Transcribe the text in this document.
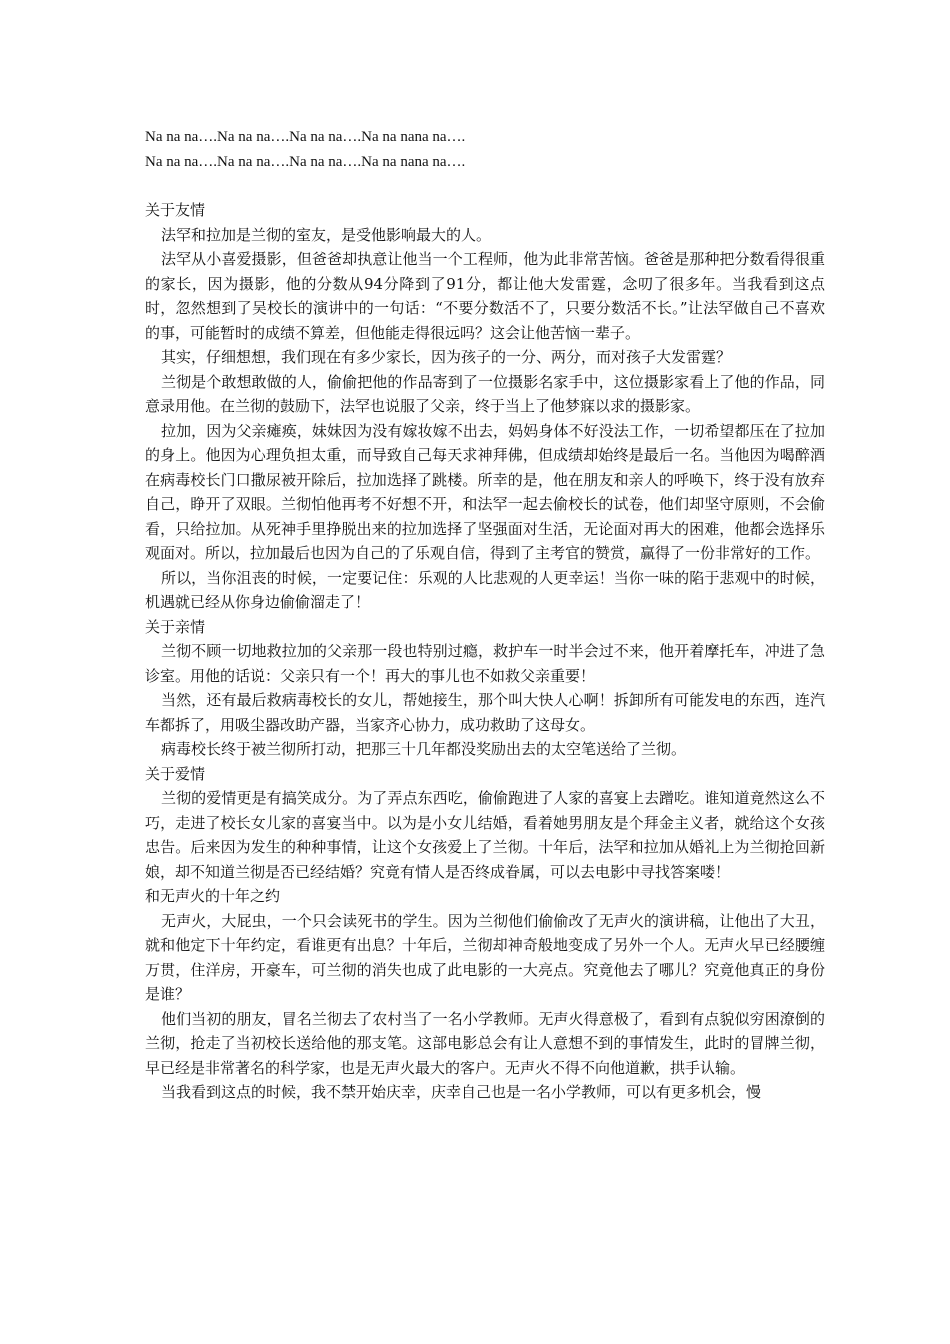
Na na na….Na na na….Na na na….Na na nana na….

Na na na….Na na na….Na na na….Na na nana na….

关于友情

法罕和拉加是兰彻的室友，是受他影响最大的人。

法罕从小喜爱摄影，但爸爸却执意让他当一个工程师，他为此非常苦恼。爸爸是那种把分数看得很重的家长，因为摄影，他的分数从94分降到了91分，都让他大发雷霆，念叨了很多年。当我看到这点时，忽然想到了吴校长的演讲中的一句话：“不要分数活不了，只要分数活不长。”让法罕做自己不喜欢的事，可能暂时的成绩不算差，但他能走得很远吗？这会让他苦恼一辈子。

其实，仔细想想，我们现在有多少家长，因为孩子的一分、两分，而对孩子大发雷霆？

兰彻是个敢想敢做的人，偷偷把他的作品寄到了一位摄影名家手中，这位摄影家看上了他的作品，同意录用他。在兰彻的鼓励下，法罕也说服了父亲，终于当上了他梦寐以求的摄影家。

拉加，因为父亲瘫痪，妹妹因为没有嫁妆嫁不出去，妈妈身体不好没法工作，一切希望都压在了拉加的身上。他因为心理负担太重，而导致自己每天求神拜佛，但成绩却始终是最后一名。当他因为喝醉酒在病毒校长门口撒尿被开除后，拉加选择了跳楼。所幸的是，他在朋友和亲人的呼唤下，终于没有放弃自己，睁开了双眼。兰彻怕他再考不好想不开，和法罕一起去偷校长的试卷，他们却坚守原则，不会偷看，只给拉加。从死神手里挣脱出来的拉加选择了坚强面对生活，无论面对再大的困难，他都会选择乐观面对。所以，拉加最后也因为自己的了乐观自信，得到了主考官的赞赏，赢得了一份非常好的工作。

所以，当你沮丧的时候，一定要记住：乐观的人比悲观的人更幸运！当你一味的陷于悲观中的时候，机遇就已经从你身边偷偷溜走了！

关于亲情

兰彻不顾一切地救拉加的父亲那一段也特别过瘾，救护车一时半会过不来，他开着摩托车，冲进了急诊室。用他的话说：父亲只有一个！再大的事儿也不如救父亲重要！

当然，还有最后救病毒校长的女儿，帮她接生，那个叫大快人心啊！拆卸所有可能发电的东西，连汽车都拆了，用吸尘器改助产器，当家齐心协力，成功救助了这母女。

病毒校长终于被兰彻所打动，把那三十几年都没奖励出去的太空笔送给了兰彻。

关于爱情

兰彻的爱情更是有搞笑成分。为了弄点东西吃，偷偷跑进了人家的喜宴上去蹭吃。谁知道竟然这么不巧，走进了校长女儿家的喜宴当中。以为是小女儿结婚，看着她男朋友是个拜金主义者，就给这个女孩忠告。后来因为发生的种种事情，让这个女孩爱上了兰彻。十年后，法罕和拉加从婚礼上为兰彻抢回新娘，却不知道兰彻是否已经结婚？究竟有情人是否终成眷属，可以去电影中寻找答案喽！

和无声火的十年之约

无声火，大屁虫，一个只会读死书的学生。因为兰彻他们偷偷改了无声火的演讲稿，让他出了大丑，就和他定下十年约定，看谁更有出息？十年后，兰彻却神奇般地变成了另外一个人。无声火早已经腰缠万贯，住洋房，开豪车，可兰彻的消失也成了此电影的一大亮点。究竟他去了哪儿？究竟他真正的身份是谁？

他们当初的朋友，冒名兰彻去了农村当了一名小学教师。无声火得意极了，看到有点貌似穷困潦倒的兰彻，抢走了当初校长送给他的那支笔。这部电影总会有让人意想不到的事情发生，此时的冒牌兰彻，早已经是非常著名的科学家，也是无声火最大的客户。无声火不得不向他道歉，拱手认输。

当我看到这点的时候，我不禁开始庆幸，庆幸自己也是一名小学教师，可以有更多机会，慢
